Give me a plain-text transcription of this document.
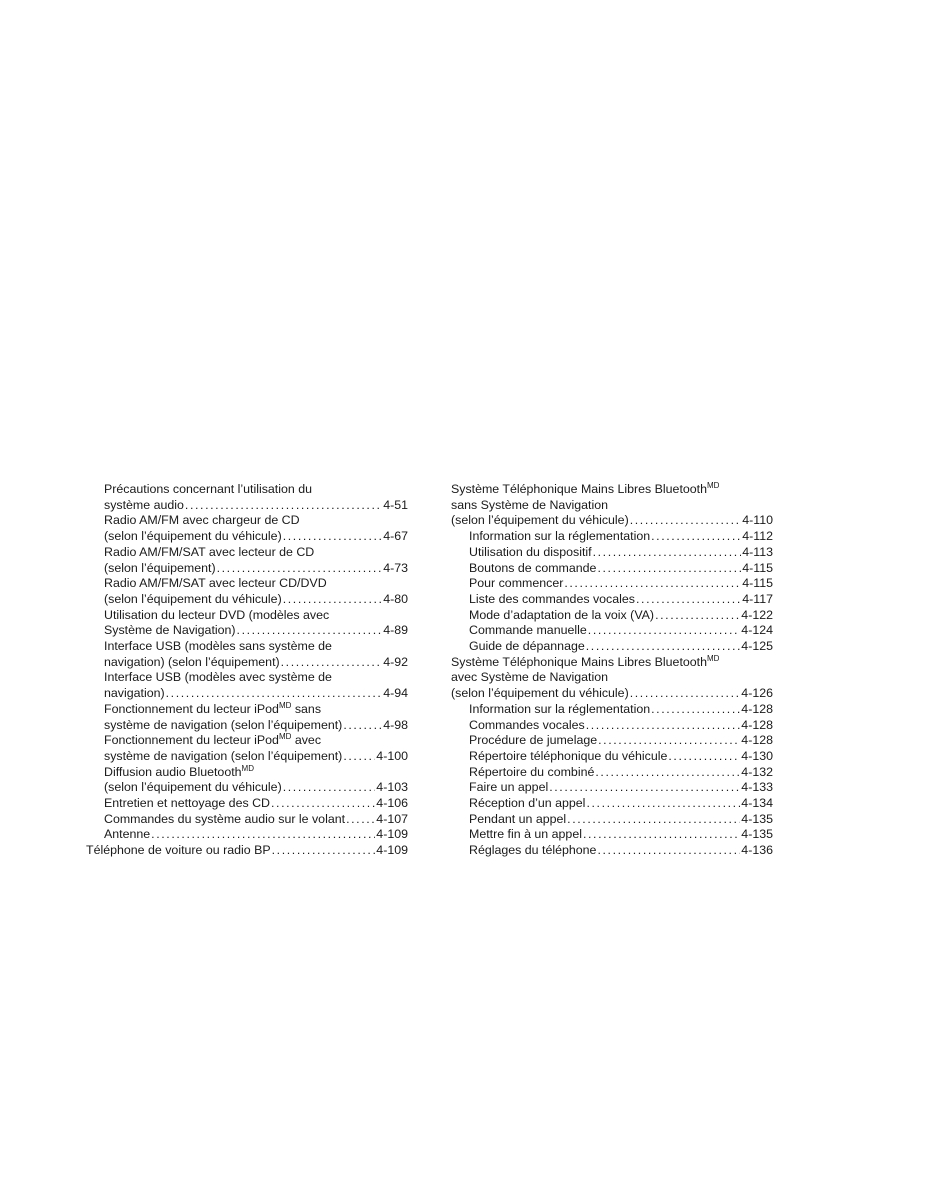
Précautions concernant l’utilisation du
système audio .....	4-51
Radio AM/FM avec chargeur de CD
(selon l’équipement du véhicule) .....	4-67
Radio AM/FM/SAT avec lecteur de CD
(selon l’équipement) .....	4-73
Radio AM/FM/SAT avec lecteur CD/DVD
(selon l’équipement du véhicule) .....	4-80
Utilisation du lecteur DVD (modèles avec
Système de Navigation) .....	4-89
Interface USB (modèles sans système de
navigation) (selon l’équipement) .....	4-92
Interface USB (modèles avec système de
navigation) .....	4-94
Fonctionnement du lecteur iPod$^{MD}$ sans
système de navigation (selon l’équipement) .....	4-98
Fonctionnement du lecteur iPod$^{MD}$ avec
système de navigation (selon l’équipement) .....	4-100
Diffusion audio Bluetooth$^{MD}$
(selon l’équipement du véhicule) .....	4-103
Entretien et nettoyage des CD .....	4-106
Commandes du système audio sur le volant .....	4-107
Antenne .....	4-109
Téléphone de voiture ou radio BP .....	4-109
Système Téléphonique Mains Libres Bluetooth$^{MD}$
sans Système de Navigation
(selon l’équipement du véhicule) .....	4-110
Information sur la réglementation .....	4-112
Utilisation du dispositif .....	4-113
Boutons de commande .....	4-115
Pour commencer .....	4-115
Liste des commandes vocales .....	4-117
Mode d’adaptation de la voix (VA) .....	4-122
Commande manuelle .....	4-124
Guide de dépannage .....	4-125
Système Téléphonique Mains Libres Bluetooth$^{MD}$
avec Système de Navigation
(selon l’équipement du véhicule) .....	4-126
Information sur la réglementation .....	4-128
Commandes vocales .....	4-128
Procédure de jumelage .....	4-128
Répertoire téléphonique du véhicule .....	4-130
Répertoire du combiné .....	4-132
Faire un appel .....	4-133
Réception d’un appel .....	4-134
Pendant un appel .....	4-135
Mettre fin à un appel .....	4-135
Réglages du téléphone .....	4-136
